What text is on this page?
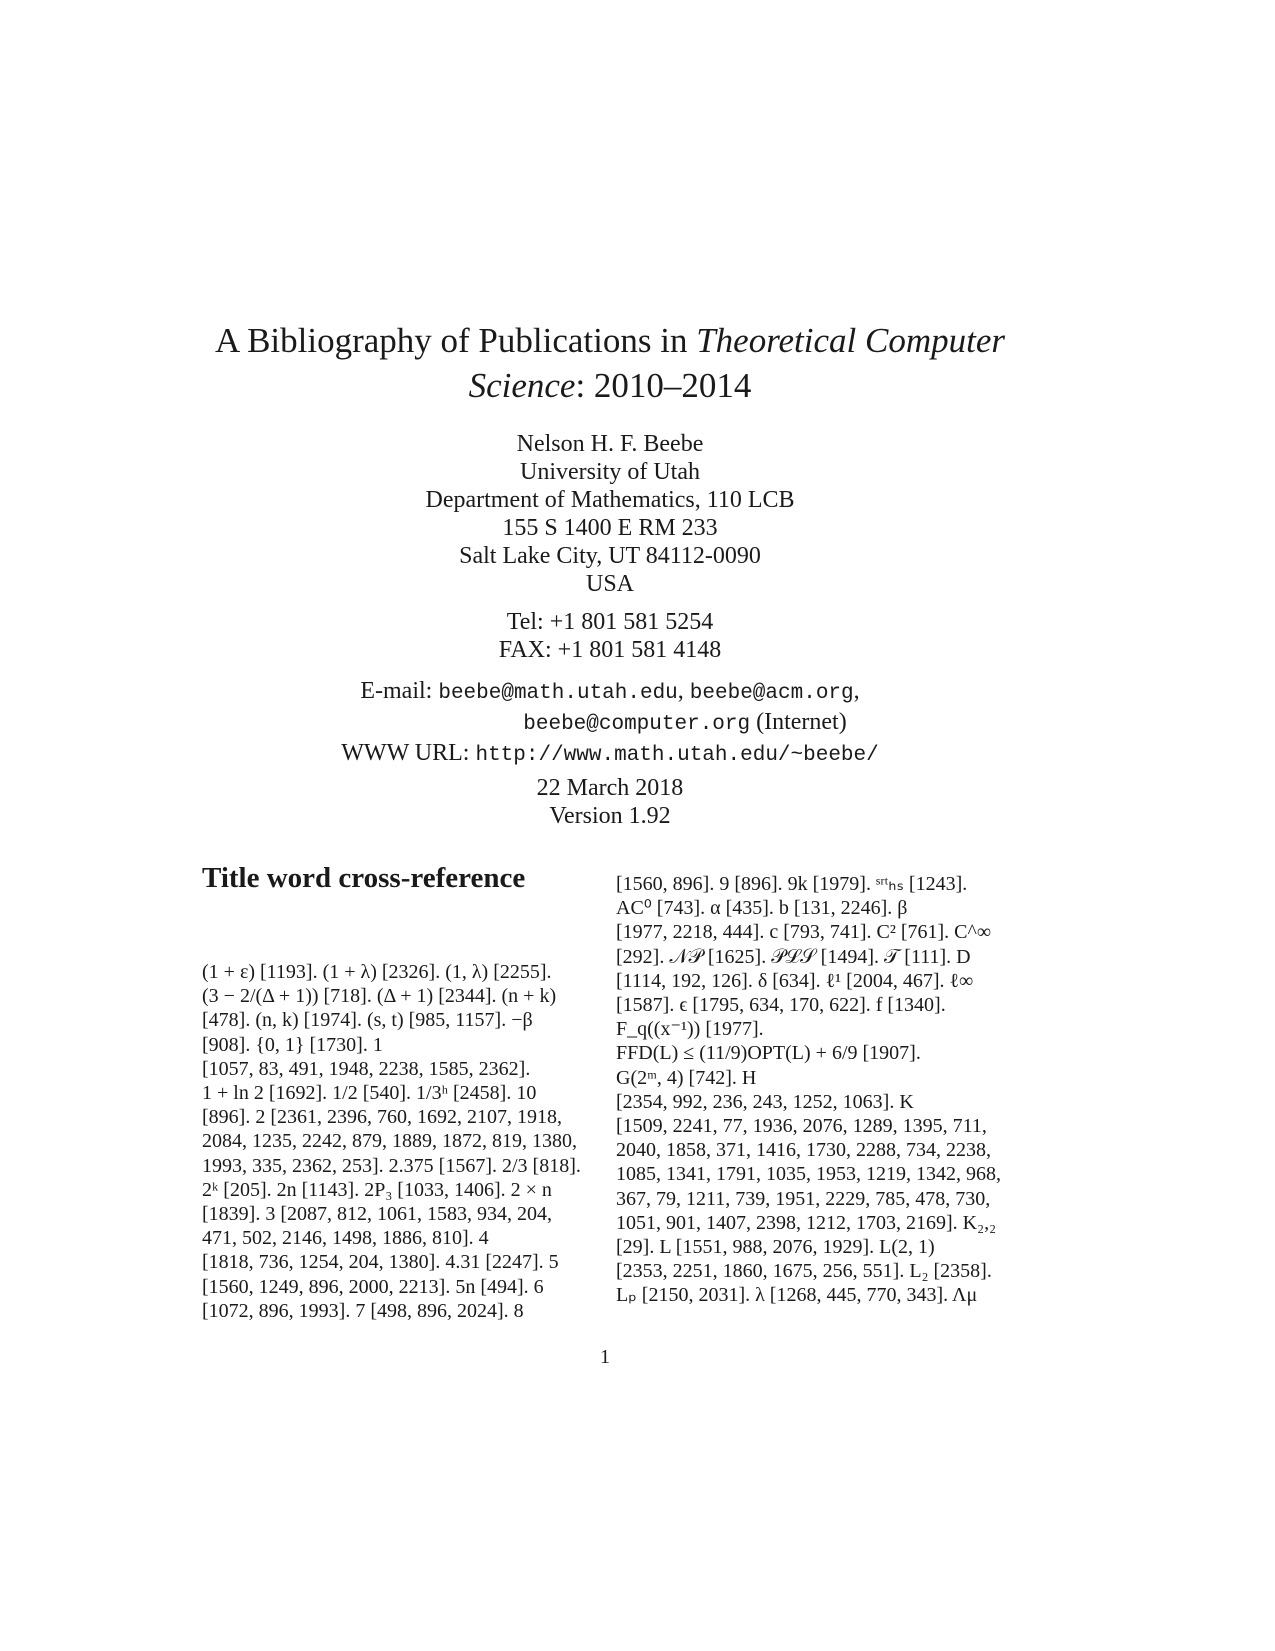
A Bibliography of Publications in Theoretical Computer
Science: 2010–2014
Nelson H. F. Beebe
University of Utah
Department of Mathematics, 110 LCB
155 S 1400 E RM 233
Salt Lake City, UT 84112-0090
USA
Tel: +1 801 581 5254
FAX: +1 801 581 4148
E-mail: beebe@math.utah.edu, beebe@acm.org,
beebe@computer.org (Internet)
WWW URL: http://www.math.utah.edu/~beebe/
22 March 2018
Version 1.92
Title word cross-reference

(1 + ε) [1193]. (1 + λ) [2326]. (1, λ) [2255].

(3 − 2/(Δ + 1)) [718]. (Δ + 1) [2344]. (n + k)

[478]. (n, k) [1974]. (s, t) [985, 1157]. −β

[908]. {0, 1} [1730]. 1

[1057, 83, 491, 1948, 2238, 1585, 2362].

1 + ln 2 [1692]. 1/2 [540]. 1/3ʰ [2458]. 10

[896]. 2 [2361, 2396, 760, 1692, 2107, 1918,

2084, 1235, 2242, 879, 1889, 1872, 819, 1380,

1993, 335, 2362, 253]. 2.375 [1567]. 2/3 [818].

2ᵏ [205]. 2n [1143]. 2P₃ [1033, 1406]. 2 × n

[1839]. 3 [2087, 812, 1061, 1583, 934, 204,

471, 502, 2146, 1498, 1886, 810]. 4

[1818, 736, 1254, 204, 1380]. 4.31 [2247]. 5

[1560, 1249, 896, 2000, 2213]. 5n [494]. 6

[1072, 896, 1993]. 7 [498, 896, 2024]. 8

[1560, 896]. 9 [896]. 9k [1979]. ˢʳᵗₕₛ [1243].

AC⁰ [743]. α [435]. b [131, 2246]. β

[1977, 2218, 444]. c [793, 741]. C² [761]. C^∞

[292]. 𝒩𝒫 [1625]. 𝒫ℒ𝒮 [1494]. 𝒯 [111]. D

[1114, 192, 126]. δ [634]. ℓ¹ [2004, 467]. ℓ∞

[1587]. ϵ [1795, 634, 170, 622]. f [1340].

F_q((x⁻¹)) [1977].

FFD(L) ≤ (11/9)OPT(L) + 6/9 [1907].

G(2ᵐ, 4) [742]. H

[2354, 992, 236, 243, 1252, 1063]. K

[1509, 2241, 77, 1936, 2076, 1289, 1395, 711,

2040, 1858, 371, 1416, 1730, 2288, 734, 2238,

1085, 1341, 1791, 1035, 1953, 1219, 1342, 968,

367, 79, 1211, 739, 1951, 2229, 785, 478, 730,

1051, 901, 1407, 2398, 1212, 1703, 2169]. K₂,₂

[29]. L [1551, 988, 2076, 1929]. L(2, 1)

[2353, 2251, 1860, 1675, 256, 551]. L₂ [2358].

Lₚ [2150, 2031]. λ [1268, 445, 770, 343]. Λμ

1
